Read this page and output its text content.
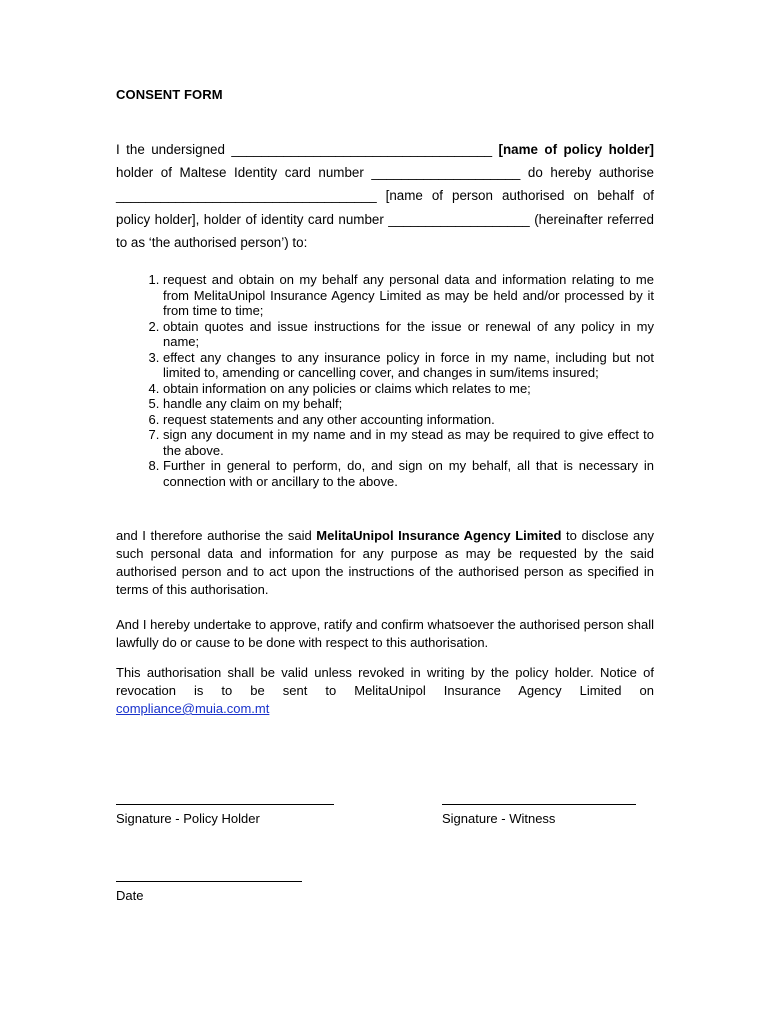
CONSENT FORM

I the undersigned ___________________________________ [name of policy holder] holder of Maltese Identity card number ____________________ do hereby authorise ___________________________________ [name of person authorised on behalf of policy holder], holder of identity card number ___________________ (hereinafter referred to as ‘the authorised person’) to:

1. request and obtain on my behalf any personal data and information relating to me from MelitaUnipol Insurance Agency Limited as may be held and/or processed by it from time to time;
2. obtain quotes and issue instructions for the issue or renewal of any policy in my name;
3. effect any changes to any insurance policy in force in my name, including but not limited to, amending or cancelling cover, and changes in sum/items insured;
4. obtain information on any policies or claims which relates to me;
5. handle any claim on my behalf;
6. request statements and any other accounting information.
7. sign any document in my name and in my stead as may be required to give effect to the above.
8. Further in general to perform, do, and sign on my behalf, all that is necessary in connection with or ancillary to the above.

and I therefore authorise the said MelitaUnipol Insurance Agency Limited to disclose any such personal data and information for any purpose as may be requested by the said authorised person and to act upon the instructions of the authorised person as specified in terms of this authorisation.

And I hereby undertake to approve, ratify and confirm whatsoever the authorised person shall lawfully do or cause to be done with respect to this authorisation.

This authorisation shall be valid unless revoked in writing by the policy holder. Notice of revocation is to be sent to MelitaUnipol Insurance Agency Limited on compliance@muia.com.mt

Signature - Policy Holder	Signature - Witness

Date
